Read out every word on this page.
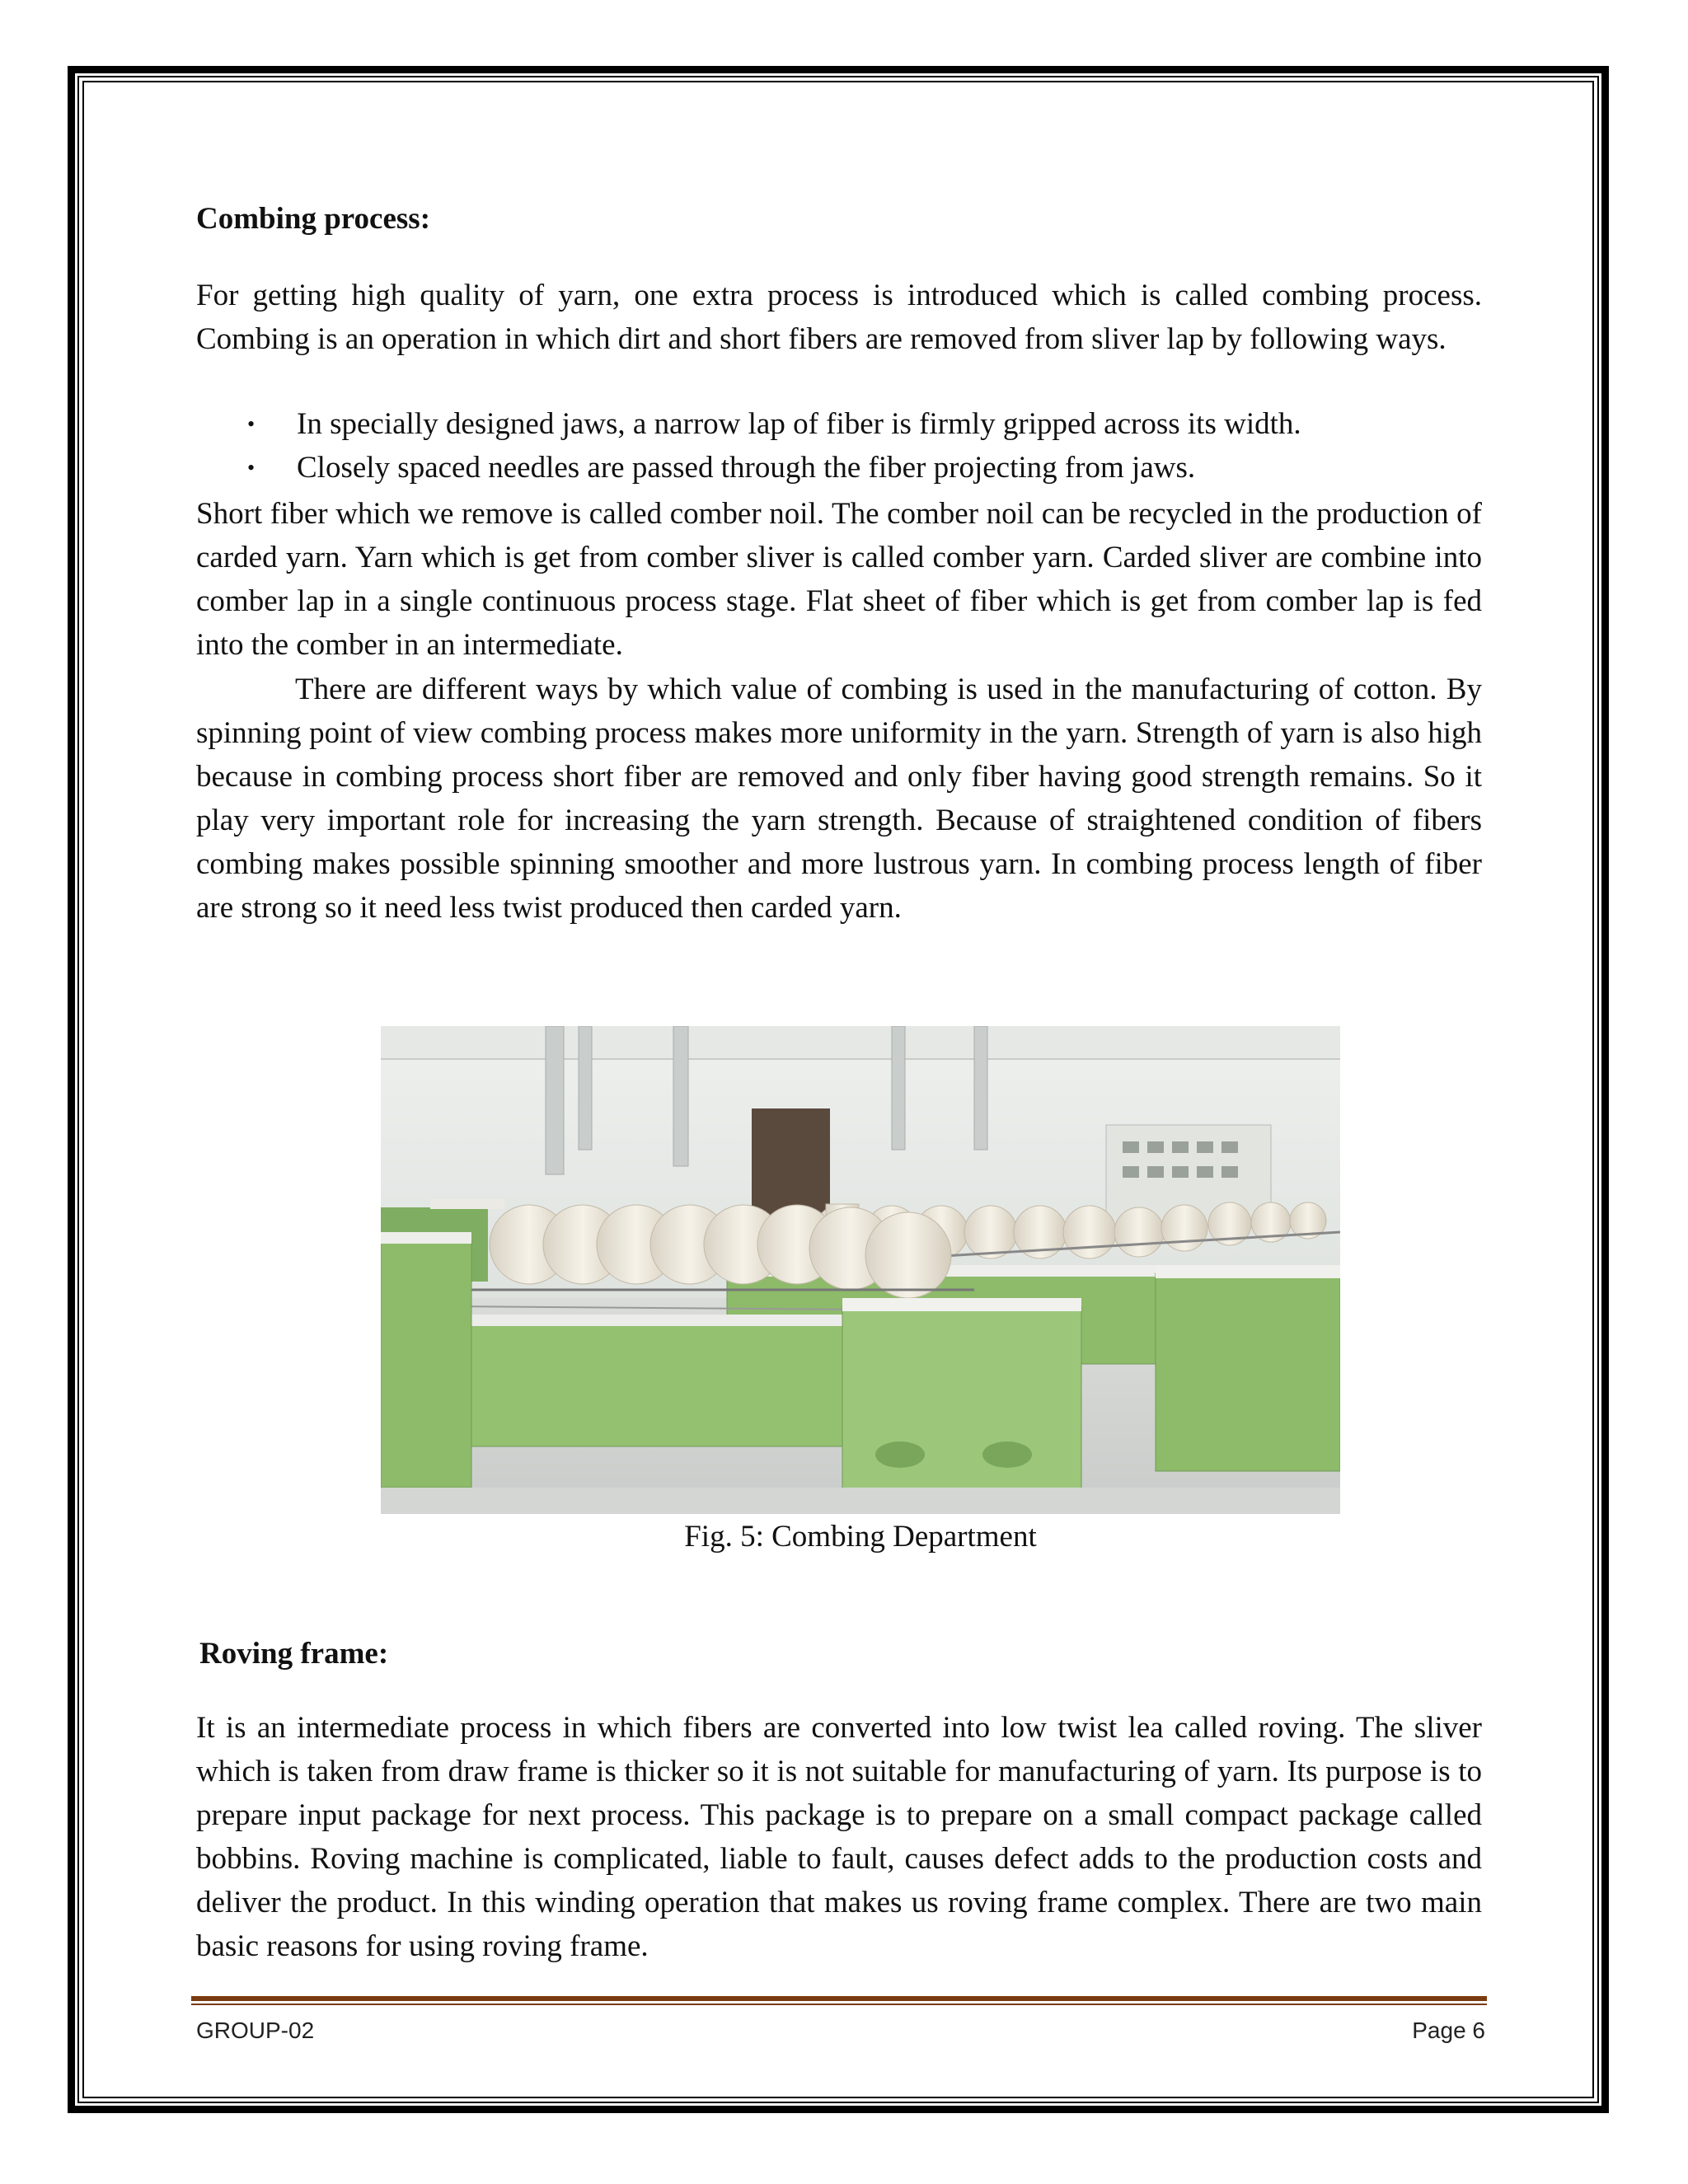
Combing process:

For getting high quality of yarn, one extra process is introduced which is called combing process. Combing is an operation in which dirt and short fibers are removed from sliver lap by following ways.

• In specially designed jaws, a narrow lap of fiber is firmly gripped across its width.
• Closely spaced needles are passed through the fiber projecting from jaws.

Short fiber which we remove is called comber noil. The comber noil can be recycled in the production of carded yarn. Yarn which is get from comber sliver is called comber yarn. Carded sliver are combine into comber lap in a single continuous process stage. Flat sheet of fiber which is get from comber lap is fed into the comber in an intermediate.

There are different ways by which value of combing is used in the manufacturing of cotton. By spinning point of view combing process makes more uniformity in the yarn. Strength of yarn is also high because in combing process short fiber are removed and only fiber having good strength remains. So it play very important role for increasing the yarn strength. Because of straightened condition of fibers combing makes possible spinning smoother and more lustrous yarn. In combing process length of fiber are strong so it need less twist produced then carded yarn.

Fig. 5: Combing Department
Roving frame:

It is an intermediate process in which fibers are converted into low twist lea called roving. The sliver which is taken from draw frame is thicker so it is not suitable for manufacturing of yarn. Its purpose is to prepare input package for next process. This package is to prepare on a small compact package called bobbins. Roving machine is complicated, liable to fault, causes defect adds to the production costs and deliver the product. In this winding operation that makes us roving frame complex. There are two main basic reasons for using roving frame.

GROUP-02	Page 6
